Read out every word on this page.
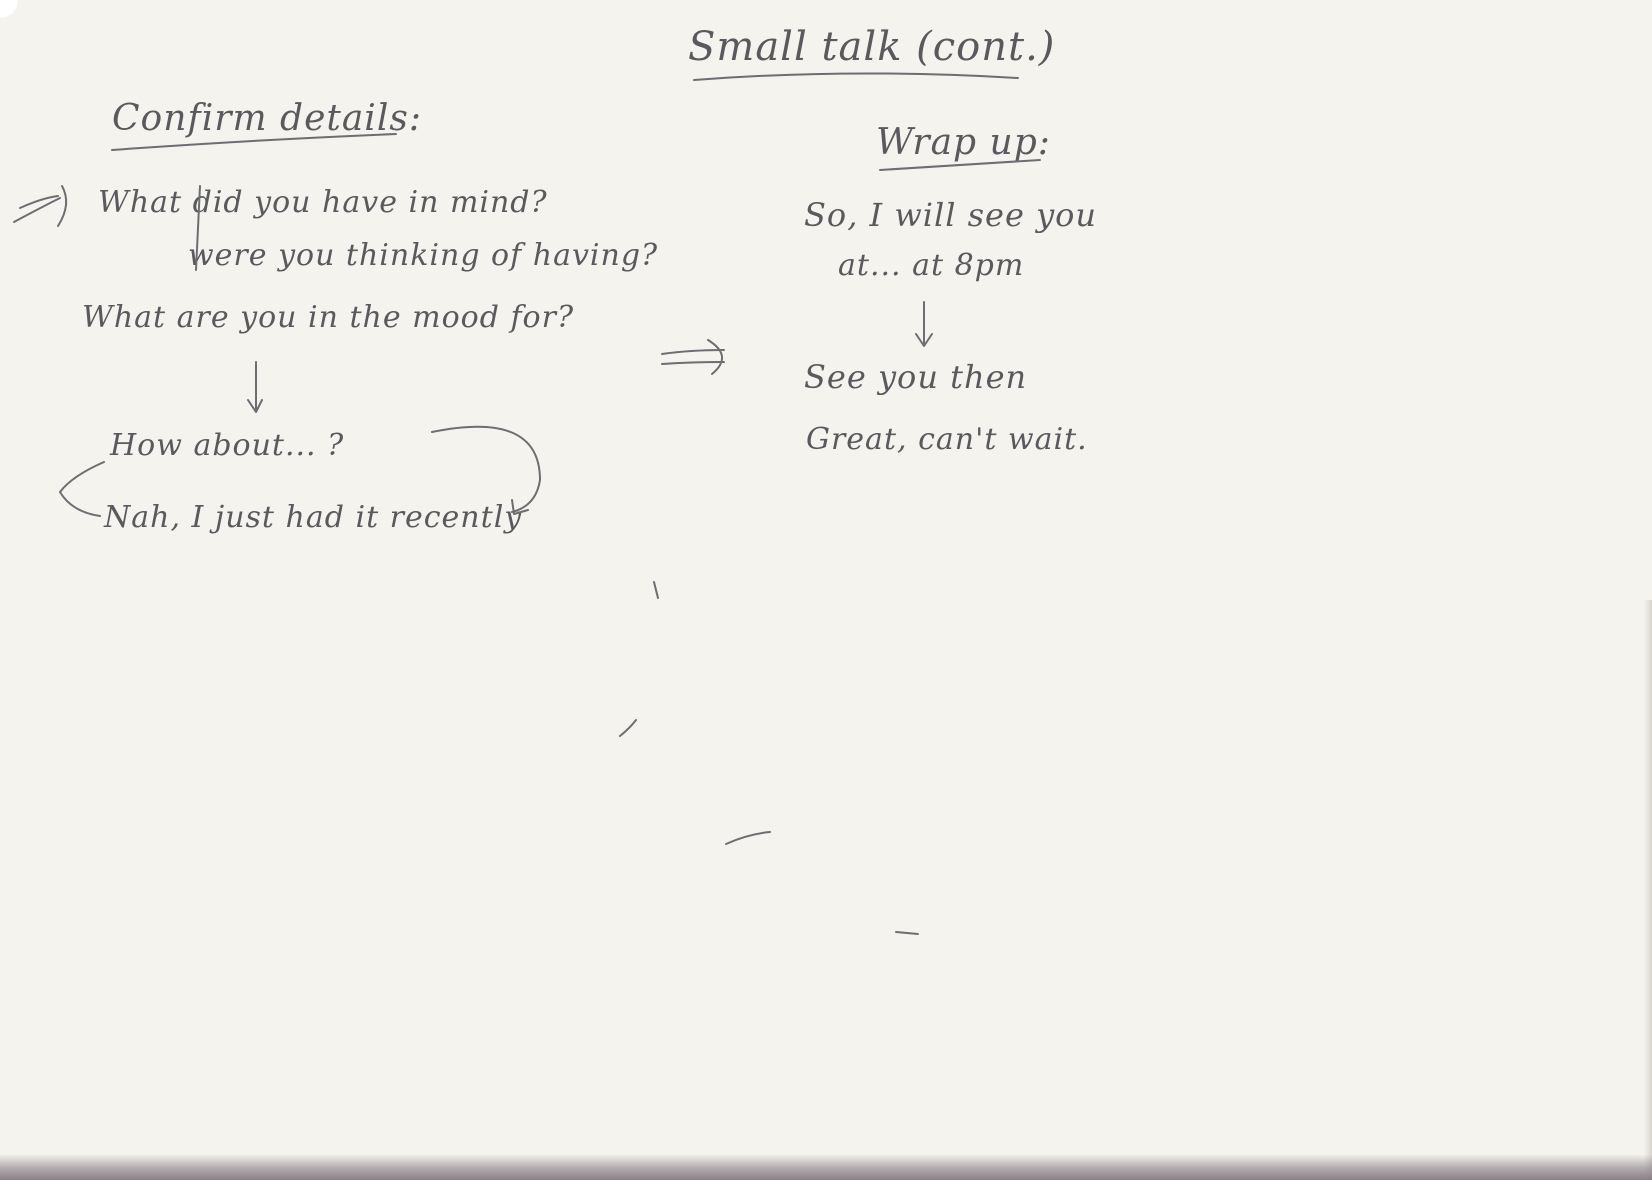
Small talk (cont.)
Confirm details:
What did you have in mind?
were you thinking of having?
What are you in the mood for?
How about... ?
Nah, I just had it recently
Wrap up:
So, I will see you
at... at 8pm
See you then
Great, can't wait.
